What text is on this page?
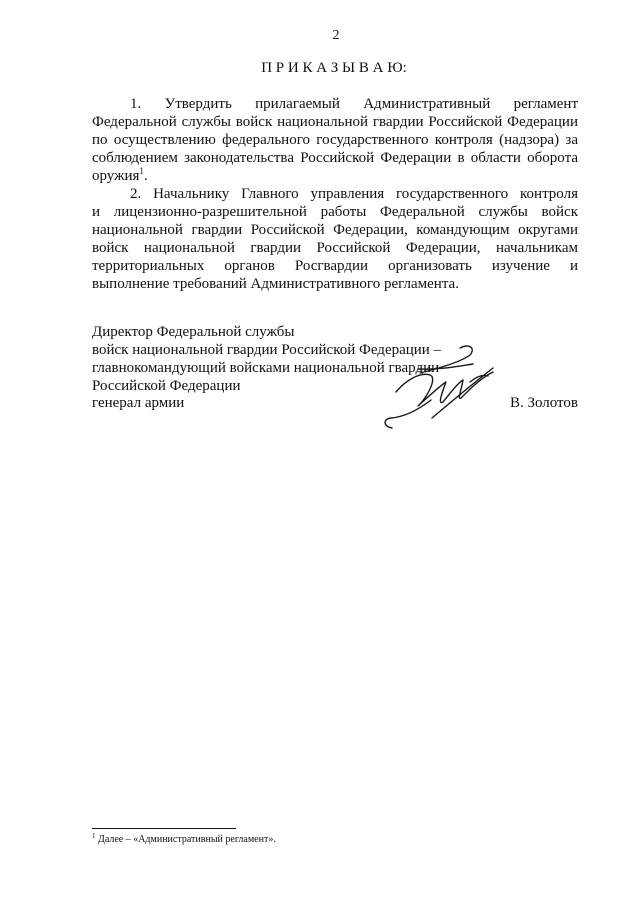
2
П Р И К А З Ы В А Ю:
1. Утвердить прилагаемый Административный регламент
Федеральной службы войск национальной гвардии Российской Федерации
по осуществлению федерального государственного контроля (надзора) за
соблюдением законодательства Российской Федерации в области оборота
оружия$^1$.
2. Начальнику Главного управления государственного контроля
и лицензионно-разрешительной работы Федеральной службы войск
национальной гвардии Российской Федерации, командующим округами
войск национальной гвардии Российской Федерации, начальникам
территориальных органов Росгвардии организовать изучение и
выполнение требований Административного регламента.
Директор Федеральной службы
войск национальной гвардии Российской Федерации –
главнокомандующий войсками национальной гвардии
Российской Федерации
генерал армии	В. Золотов
$^1$ Далее – «Административный регламент».
